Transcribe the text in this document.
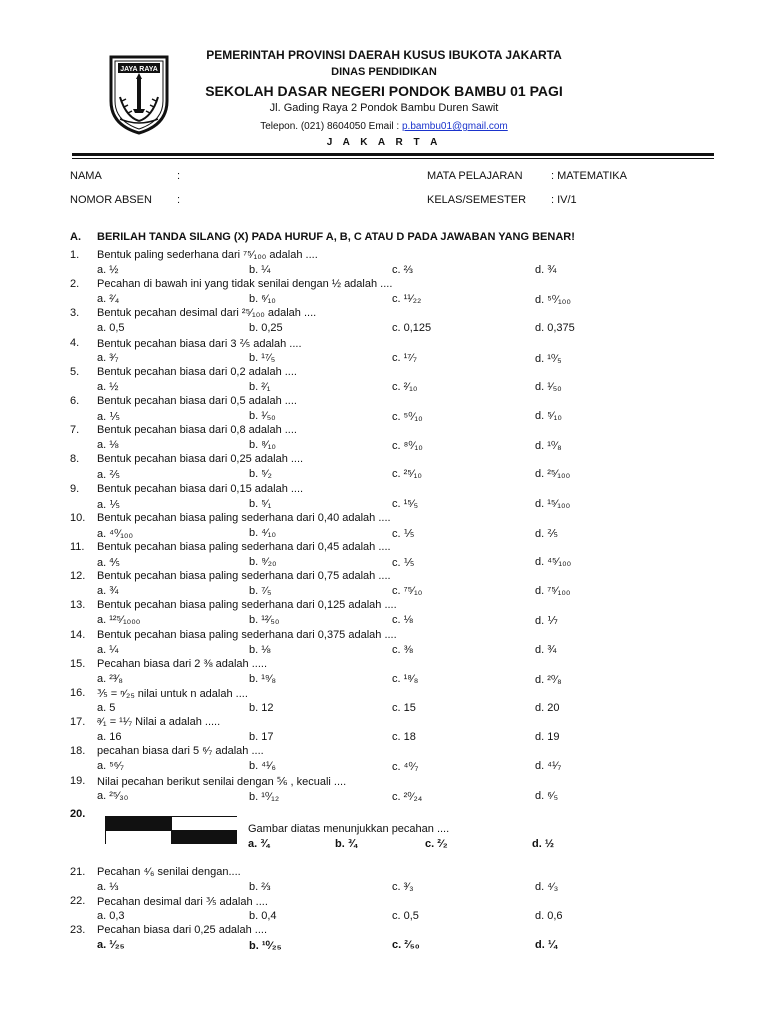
JAYA RAYA
PEMERINTAH PROVINSI DAERAH KUSUS IBUKOTA JAKARTA
DINAS PENDIDIKAN
SEKOLAH DASAR NEGERI PONDOK BAMBU 01 PAGI
Jl. Gading Raya 2 Pondok Bambu Duren Sawit
Telepon. (021) 8604050 Email : p.bambu01@gmail.com
J A K A R T A
NAMA	:
NOMOR ABSEN :
MATA PELAJARAN	: MATEMATIKA
KELAS/SEMESTER : IV/1
A. BERILAH TANDA SILANG (X) PADA HURUF A, B, C ATAU D PADA JAWABAN YANG BENAR!
1. Bentuk paling sederhana dari ⁷⁵⁄₁₀₀ adalah ....
a. ½	b. ¼	c. ⅔	d. ¾
2. Pecahan di bawah ini yang tidak senilai dengan ½ adalah ....
a. ²⁄₄	b. ⁶⁄₁₀	c. ¹¹⁄₂₂	d. ⁵⁰⁄₁₀₀
3. Bentuk pecahan desimal dari ²⁵⁄₁₀₀ adalah ....
a. 0,5	b. 0,25	c. 0,125	d. 0,375
4. Bentuk pecahan biasa dari 3 ⅖ adalah ....
a. ³⁄₇	b. ¹⁷⁄₅	c. ¹⁷⁄₇	d. ¹⁰⁄₅
5. Bentuk pecahan biasa dari 0,2 adalah ....
a. ½	b. ²⁄₁	c. ²⁄₁₀	d. ¹⁄₅₀
6. Bentuk pecahan biasa dari 0,5 adalah ....
a. ⅕	b. ¹⁄₅₀	c. ⁵⁰⁄₁₀	d. ⁵⁄₁₀
7. Bentuk pecahan biasa dari 0,8 adalah ....
a. ⅛	b. ⁸⁄₁₀	c. ⁸⁰⁄₁₀	d. ¹⁰⁄₈
8. Bentuk pecahan biasa dari 0,25 adalah ....
a. ⅖	b. ⁵⁄₂	c. ²⁵⁄₁₀	d. ²⁵⁄₁₀₀
9. Bentuk pecahan biasa dari 0,15 adalah ....
a. ⅕	b. ⁵⁄₁	c. ¹⁵⁄₅	d. ¹⁵⁄₁₀₀
10. Bentuk pecahan biasa paling sederhana dari 0,40 adalah ....
a. ⁴⁰⁄₁₀₀	b. ⁴⁄₁₀	c. ⅕	d. ⅖
11. Bentuk pecahan biasa paling sederhana dari 0,45 adalah ....
a. ⅘	b. ⁹⁄₂₀	c. ⅕	d. ⁴⁵⁄₁₀₀
12. Bentuk pecahan biasa paling sederhana dari 0,75 adalah ....
a. ¾	b. ⁷⁄₅	c. ⁷⁵⁄₁₀	d. ⁷⁵⁄₁₀₀
13. Bentuk pecahan biasa paling sederhana dari 0,125 adalah ....
a. ¹²⁵⁄₁₀₀₀	b. ¹²⁄₅₀	c. ⅛	d. ⅐
14. Bentuk pecahan biasa paling sederhana dari 0,375 adalah ....
a. ¼	b. ⅛	c. ⅜	d. ¾
15. Pecahan biasa dari 2 ⅜ adalah .....
a. ²³⁄₈	b. ¹⁹⁄₈	c. ¹⁸⁄₈	d. ²⁰⁄₈
16. ⅗ = ⁿ⁄₂₅ nilai untuk n adalah ....
a. 5	b. 12	c. 15	d. 20
17. ᵃ⁄₁ = ¹¹⁄₇ Nilai a adalah .....
a. 16	b. 17	c. 18	d. 19
18. pecahan biasa dari 5 ⁶⁄₇ adalah ....
a. ⁵⁶⁄₇	b. ⁴¹⁄₆	c. ⁴⁰⁄₇	d. ⁴¹⁄₇
19. Nilai pecahan berikut senilai dengan ⅚ , kecuali ....
a. ²⁵⁄₃₀	b. ¹⁰⁄₁₂	c. ²⁰⁄₂₄	d. ⁶⁄₅
21. Pecahan ⁴⁄₆ senilai dengan....
a. ⅓	b. ⅔	c. ³⁄₃	d. ⁴⁄₃
22. Pecahan desimal dari ⅗ adalah ....
a. 0,3	b. 0,4	c. 0,5	d. 0,6
23. Pecahan biasa dari 0,25 adalah ....
a. ¹⁄₂₅	b. ¹⁰⁄₂₅	c. ²⁄₅₀	d. ¼
20.
Gambar diatas menunjukkan pecahan ....
a. ¾	b. ¾	c. ²⁄₂	d. ½
